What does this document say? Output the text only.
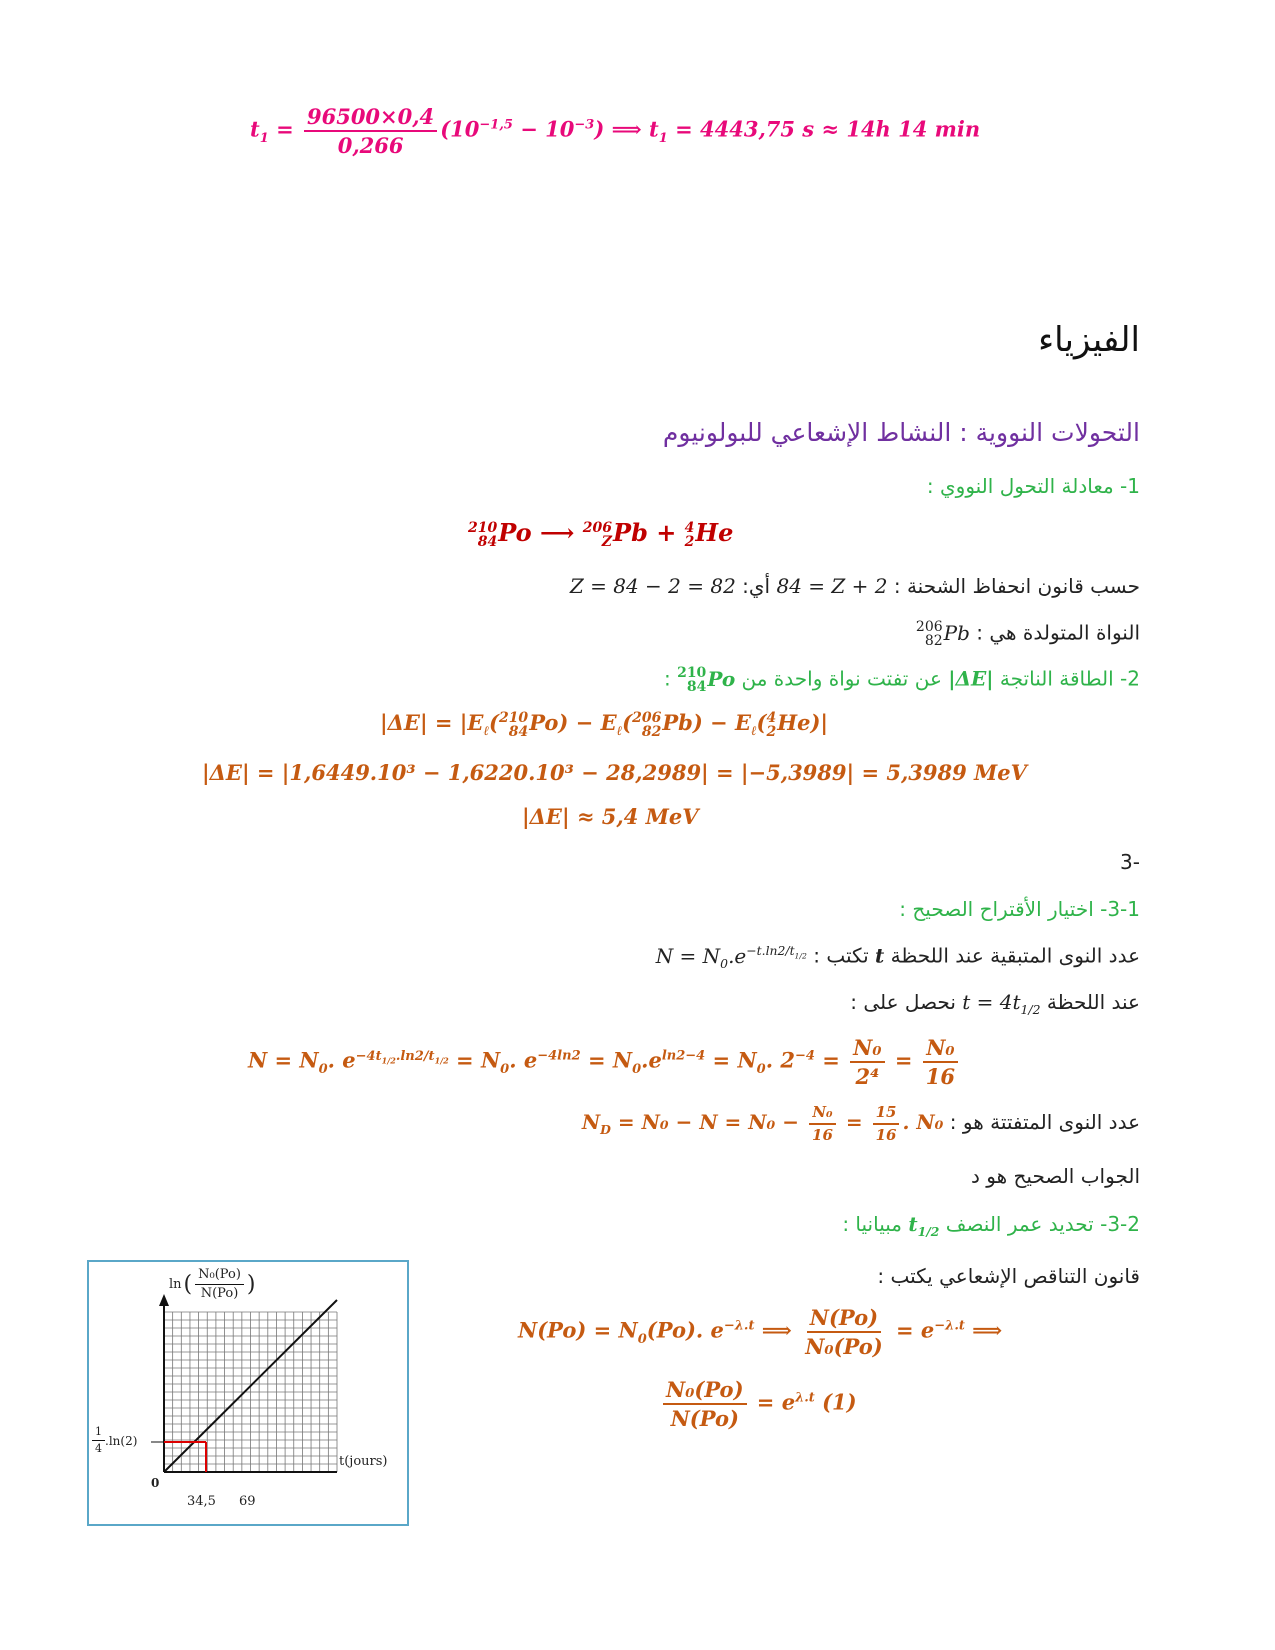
$t_1 = \frac{96500\times 0,4}{0,266} (10^{-1,5} - 10^{-3})$ ⟹ $t_1 = 4443,75$ s ≈ 14h 14 min
الفيزياء
التحولات النووية : النشاط الإشعاعي للبولونيوم
1- معادلة التحول النووي :
210
84 Po ⟶ 206
Z Pb + 4
2 He
حسب قانون انحفاظ الشحنة : 84 = Z + 2 أي: Z = 84 − 2 = 82
النواة المتولدة هي :
206
82 Pb
2- الطاقة الناتجة |ΔE| عن تفتت نواة واحدة من
210
84 Po :
$|\Delta E| = |E_\ell$( 210
84 $Po) - E_\ell$( 206
82 $Pb) - E_\ell$( 4
2 He)|
|ΔE| = |1,6449.10³ − 1,6220.10³ − 28,2989| = |−5,3989| = 5,3989 MeV
|ΔE| ≈ 5,4 MeV
-3
3-1- اختيار الأقتراح الصحيح :
عدد النوى المتبقية عند اللحظة t تكتب : $N = N_0.e^{-t.ln2/t_{1/2}}$
عند اللحظة $t = 4t_{1/2}$ نحصل على :
$N = N_0$. $e^{-4t_{1/2}.ln2/t_{1/2}} = N_0$. $e^{-4ln2} = N_0.e^{ln2-4} = N_0$. $2^{-4} = \frac{\text{N₀}}{\text{2⁴}} = \frac{\text{N₀}}{16}$
عدد النوى المتفتتة هو : $N_D = N_0 - N = N_0 - \frac{\text{N₀}}{16} = \frac{15}{16}$ . N₀
الجواب الصحيح هو د
3-2- تحديد عمر النصف $t_{1/2}$ مبيانيا :
قانون التناقص الإشعاعي يكتب :
$N(Po) = N_0(Po)$. $e^{-\lambda.t}$ ⟹ $\frac{N(Po)}{\text{N₀(Po)}} = e^{-\lambda.t}$ ⟹
$\frac{\text{N₀(Po)}}{N(Po)} = e^{\lambda.t}$ (1)
ln ( $\frac{\text{N₀(Po)}}{N(Po)}$ )
$\frac{1}{4} .\ln(2)$
t(jours)
0
34,5 69
